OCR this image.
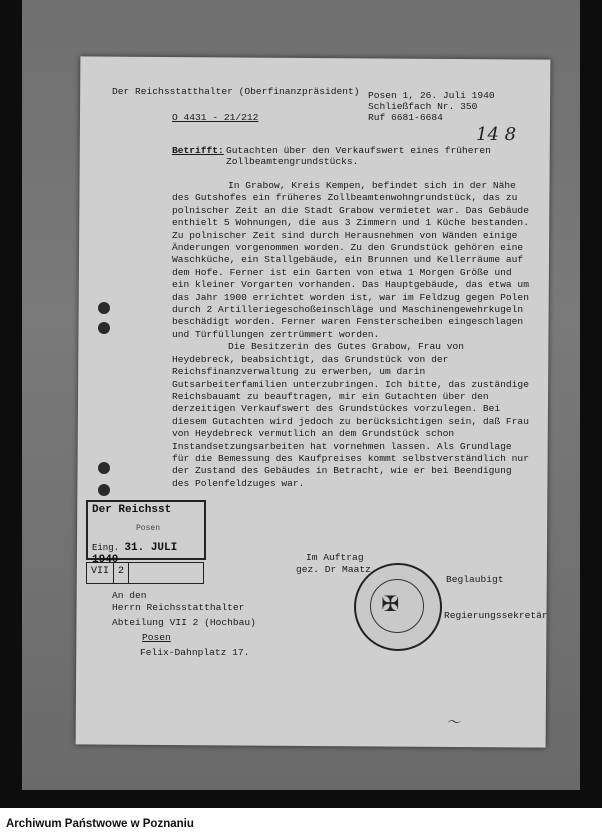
Der Reichsstatthalter (Oberfinanzpräsident)
O 4431 - 21/212
Posen 1, 26. Juli 1940
Schließfach Nr. 350
Ruf 6681-6684
14 8
Betrifft: Gutachten über den Verkaufswert eines früheren
Zollbeamtengrundstücks.

In Grabow, Kreis Kempen, befindet sich in der Nähe des Gutshofes ein früheres Zollbeamtenwohngrundstück, das zu polnischer Zeit an die Stadt Grabow vermietet war. Das Gebäude enthielt 5 Wohnungen, die aus 3 Zimmern und 1 Küche bestanden. Zu polnischer Zeit sind durch Herausnehmen von Wänden einige Änderungen vorgenommen worden. Zu den Grundstück gehören eine Waschküche, ein Stallgebäude, ein Brunnen und Kellerräume auf dem Hofe. Ferner ist ein Garten von etwa 1 Morgen Größe und ein kleiner Vorgarten vorhanden. Das Hauptgebäude, das etwa um das Jahr 1900 errichtet worden ist, war im Feldzug gegen Polen durch 2 Artilleriegeschoßeinschläge und Maschinengewehrkugeln beschädigt worden. Ferner waren Fensterscheiben eingeschlagen und Türfüllungen zertrümmert worden.

Die Besitzerin des Gutes Grabow, Frau von Heydebreck, beabsichtigt, das Grundstück von der Reichsfinanzverwaltung zu erwerben, um darin Gutsarbeiterfamilien unterzubringen. Ich bitte, das zuständige Reichsbauamt zu beauftragen, mir ein Gutachten über den derzeitigen Verkaufswert des Grundstückes vorzulegen. Bei diesem Gutachten wird jedoch zu berücksichtigen sein, daß Frau von Heydebreck vermutlich an dem Grundstück schon Instandsetzungsarbeiten hat vornehmen lassen. Als Grundlage für die Bemessung des Kaufpreises kommt selbstverständlich nur der Zustand des Gebäudes in Betracht, wie er bei Beendigung des Polenfeldzuges war.

Im Auftrag
gez. Dr Maatz
Beglaubigt
Regierungssekretär
Der Reichsst
Posen
Eing. 31. JULI 1940
VII 2
✠
An den
Herrn Reichsstatthalter
Abteilung VII 2 (Hochbau)
Posen
Felix-Dahnplatz 17.
〜
Archiwum Państwowe w Poznaniu
